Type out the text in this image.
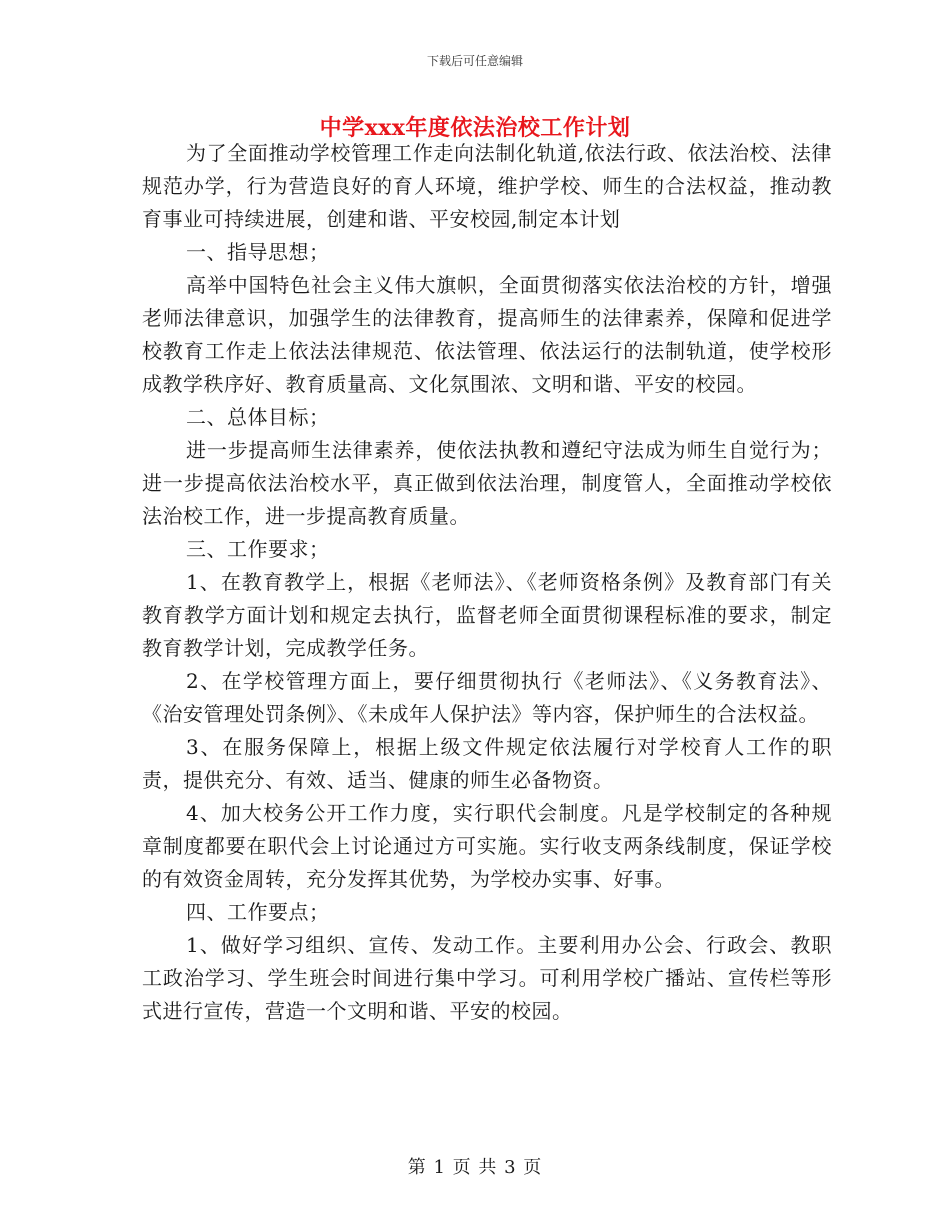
下载后可任意编辑
中学xxx年度依法治校工作计划

为了全面推动学校管理工作走向法制化轨道,依法行政、依法治校、法律规范办学，行为营造良好的育人环境，维护学校、师生的合法权益，推动教育事业可持续进展，创建和谐、平安校园,制定本计划

一、指导思想；

高举中国特色社会主义伟大旗帜，全面贯彻落实依法治校的方针，增强老师法律意识，加强学生的法律教育，提高师生的法律素养，保障和促进学校教育工作走上依法法律规范、依法管理、依法运行的法制轨道，使学校形成教学秩序好、教育质量高、文化氛围浓、文明和谐、平安的校园。

二、总体目标；

进一步提高师生法律素养，使依法执教和遵纪守法成为师生自觉行为；进一步提高依法治校水平，真正做到依法治理，制度管人，全面推动学校依法治校工作，进一步提高教育质量。

三、工作要求；

1、在教育教学上，根据《老师法》、《老师资格条例》及教育部门有关教育教学方面计划和规定去执行，监督老师全面贯彻课程标准的要求，制定教育教学计划，完成教学任务。

2、在学校管理方面上，要仔细贯彻执行《老师法》、《义务教育法》、《治安管理处罚条例》、《未成年人保护法》等内容，保护师生的合法权益。

3、在服务保障上，根据上级文件规定依法履行对学校育人工作的职责，提供充分、有效、适当、健康的师生必备物资。

4、加大校务公开工作力度，实行职代会制度。凡是学校制定的各种规章制度都要在职代会上讨论通过方可实施。实行收支两条线制度，保证学校的有效资金周转，充分发挥其优势，为学校办实事、好事。

四、工作要点；

1、做好学习组织、宣传、发动工作。主要利用办公会、行政会、教职工政治学习、学生班会时间进行集中学习。可利用学校广播站、宣传栏等形式进行宣传，营造一个文明和谐、平安的校园。

第 1 页 共 3 页
